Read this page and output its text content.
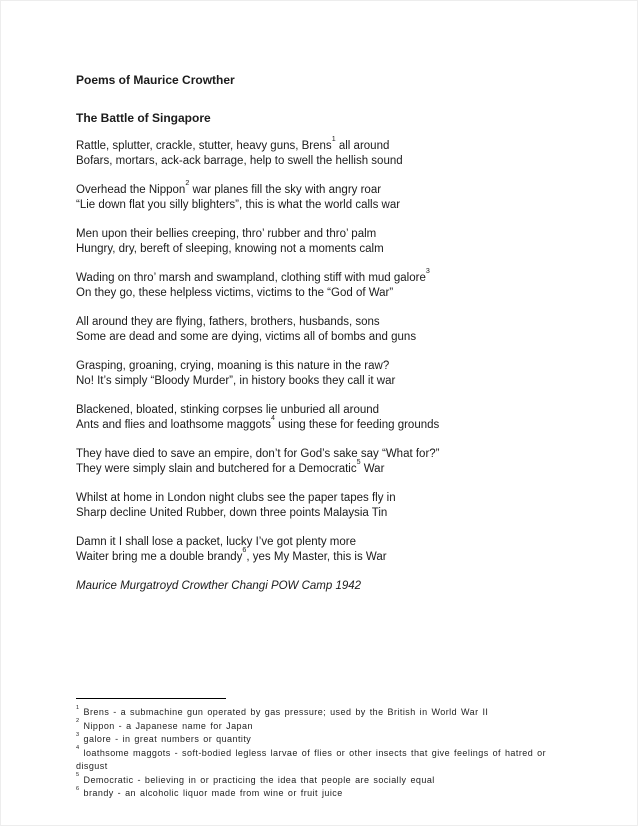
Poems of Maurice Crowther
The Battle of Singapore

Rattle, splutter, crackle, stutter, heavy guns, Brens$^1$ all around
Bofars, mortars, ack-ack barrage, help to swell the hellish sound

Overhead the Nippon$^2$ war planes fill the sky with angry roar
“Lie down flat you silly blighters”, this is what the world calls war

Men upon their bellies creeping, thro’ rubber and thro’ palm
Hungry, dry, bereft of sleeping, knowing not a moments calm

Wading on thro’ marsh and swampland, clothing stiff with mud galore$^3$
On they go, these helpless victims, victims to the “God of War”

All around they are flying, fathers, brothers, husbands, sons
Some are dead and some are dying, victims all of bombs and guns

Grasping, groaning, crying, moaning is this nature in the raw?
No! It’s simply “Bloody Murder”, in history books they call it war

Blackened, bloated, stinking corpses lie unburied all around
Ants and flies and loathsome maggots$^4$ using these for feeding grounds

They have died to save an empire, don’t for God’s sake say “What for?”
They were simply slain and butchered for a Democratic$^5$ War

Whilst at home in London night clubs see the paper tapes fly in
Sharp decline United Rubber, down three points Malaysia Tin

Damn it I shall lose a packet, lucky I’ve got plenty more
Waiter bring me a double brandy$^6$, yes My Master, this is War

Maurice Murgatroyd Crowther Changi POW Camp 1942

$^1$ Brens - a submachine gun operated by gas pressure; used by the British in World War II
$^2$ Nippon - a Japanese name for Japan
$^3$ galore - in great numbers or quantity
$^4$ loathsome maggots - soft-bodied legless larvae of flies or other insects that give feelings of hatred or disgust
$^5$ Democratic - believing in or practicing the idea that people are socially equal
$^6$ brandy - an alcoholic liquor made from wine or fruit juice
